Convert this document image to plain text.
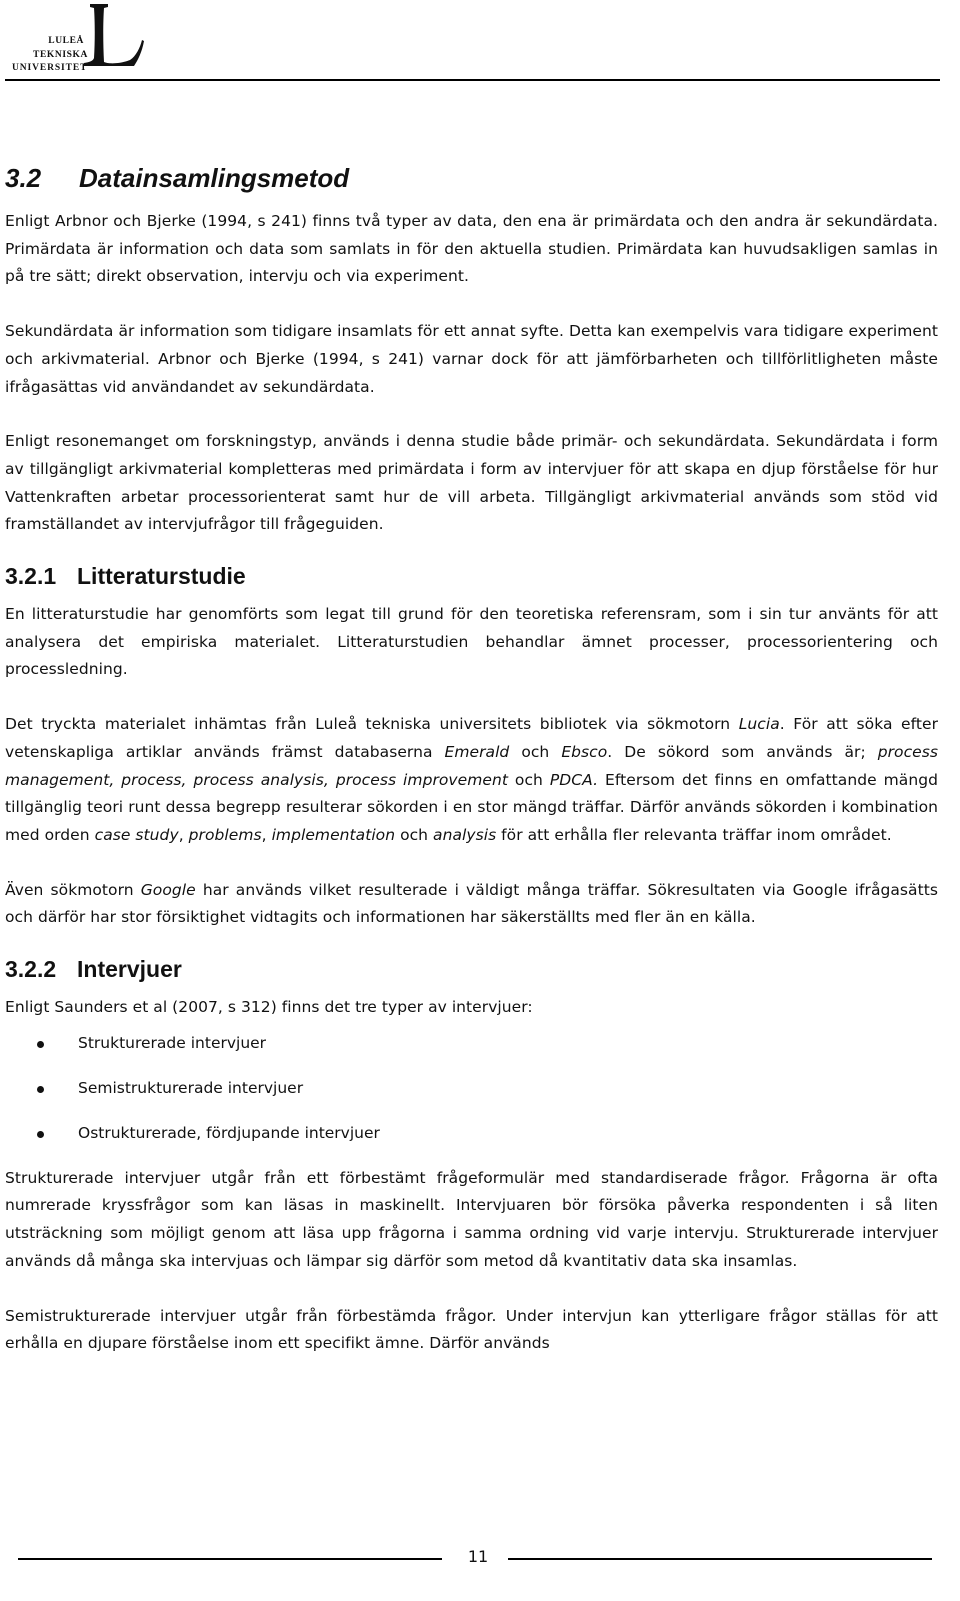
LULEÅ
TEKNISKA
UNIVERSITET
3.2 Datainsamlingsmetod

Enligt Arbnor och Bjerke (1994, s 241) finns två typer av data, den ena är primärdata och den andra är sekundärdata. Primärdata är information och data som samlats in för den aktuella studien. Primärdata kan huvudsakligen samlas in på tre sätt; direkt observation, intervju och via experiment.

Sekundärdata är information som tidigare insamlats för ett annat syfte. Detta kan exempelvis vara tidigare experiment och arkivmaterial. Arbnor och Bjerke (1994, s 241) varnar dock för att jämförbarheten och tillförlitligheten måste ifrågasättas vid användandet av sekundärdata.

Enligt resonemanget om forskningstyp, används i denna studie både primär- och sekundärdata. Sekundärdata i form av tillgängligt arkivmaterial kompletteras med primärdata i form av intervjuer för att skapa en djup förståelse för hur Vattenkraften arbetar processorienterat samt hur de vill arbeta. Tillgängligt arkivmaterial används som stöd vid framställandet av intervjufrågor till frågeguiden.

3.2.1 Litteraturstudie

En litteraturstudie har genomförts som legat till grund för den teoretiska referensram, som i sin tur använts för att analysera det empiriska materialet. Litteraturstudien behandlar ämnet processer, processorientering och processledning.

Det tryckta materialet inhämtas från Luleå tekniska universitets bibliotek via sökmotorn Lucia. För att söka efter vetenskapliga artiklar används främst databaserna Emerald och Ebsco. De sökord som används är; process management, process, process analysis, process improvement och PDCA. Eftersom det finns en omfattande mängd tillgänglig teori runt dessa begrepp resulterar sökorden i en stor mängd träffar. Därför används sökorden i kombination med orden case study, problems, implementation och analysis för att erhålla fler relevanta träffar inom området.

Även sökmotorn Google har används vilket resulterade i väldigt många träffar. Sökresultaten via Google ifrågasätts och därför har stor försiktighet vidtagits och informationen har säkerställts med fler än en källa.

3.2.2 Intervjuer

Enligt Saunders et al (2007, s 312) finns det tre typer av intervjuer:

Strukturerade intervjuer
Semistrukturerade intervjuer
Ostrukturerade, fördjupande intervjuer

Strukturerade intervjuer utgår från ett förbestämt frågeformulär med standardiserade frågor. Frågorna är ofta numrerade kryssfrågor som kan läsas in maskinellt. Intervjuaren bör försöka påverka respondenten i så liten utsträckning som möjligt genom att läsa upp frågorna i samma ordning vid varje intervju. Strukturerade intervjuer används då många ska intervjuas och lämpar sig därför som metod då kvantitativ data ska insamlas.

Semistrukturerade intervjuer utgår från förbestämda frågor. Under intervjun kan ytterligare frågor ställas för att erhålla en djupare förståelse inom ett specifikt ämne. Därför används

11
